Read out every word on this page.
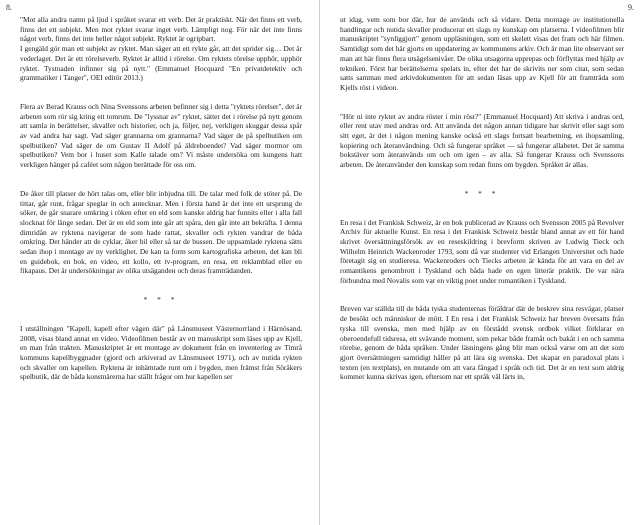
8.

"Mot alla andra namn på ljud i språket svarar ett verb. Det är praktiskt. När det finns ett verb, finns det ett subjekt. Men mot ryktet svarar inget verb. Lämpligt nog. För när det inte finns något verb, finns det inte heller något subjekt. Ryktet är ogripbart.

I gengäld gör man ett subjekt av ryktet. Man säger att ett rykte går, att det sprider sig… Det är vederlaget. Det är ett rörelseverb. Ryktet är alltid i rörelse. Om ryktets rörelse upphör, upphör ryktet. Tystnaden infinner sig på nytt." (Emmanuel Hocquard "En privatdetektiv och grammatiker i Tanger", OEI editör 2013.)

Flera av Berad Krauss och Nina Svenssons arbeten befinner sig i detta "ryktets rörelser", det är arbeten som rör sig kring ett tomrum. De "lyssnar av" ryktet, sätter det i rörelse på nytt genom att samla in berättelser, skvaller och historier, och ja, följer, nej, verkligen skuggar dessa spår av vad andra har sagt. Vad säger grannarna om grannarna? Vad säger de på spelbutiken om spelbutiken? Vad säger de om Gustav II Adolf på äldreboendet? Vad säger mormor om spelbutiken? Vem bor i huset som Kalle talade om? Vi måste undersöka om kungens hatt verkligen hänger på caféet som någon berättade för oss om.

De åker till platser de hört talas om, eller blir inbjudna till. De talar med folk de stöter på. De tittar, går runt, frågar speglar in och antecknar. Men i första hand är det inte ett ursprung de söker, de går snarare omkring i röken efter en eld som kanske aldrig har funnits eller i alla fall slocknat för länge sedan. Det är en eld som inte går att spåra, den går inte att bekräfta. I denna dimridån av ryktena navigerar de som hade rattat, skvaller och rykten vandrar de båda omkring. Det händer att de cyklar, åker bil eller så tar de bussen. De uppsamlade ryktena sätts sedan ihop i montage av ny verklighet. De kan ta form som kartografiska arbeten, det kan bli en guidebok, en bok, en video, ett kollo, ett tv-program, en resa, ett reklamblad eller en fikapaus. Det är undersökningar av olika utsägandeн och deras framträdanden.

* * *

I utställningen "Kapell, kapell efter vägen där" på Länsmuseet Västernorrland i Härnösand, 2008, visas bland annat en video. Videofilmen består av ett manuskript som läses upp av Kjell, en man från trakten. Manuskriptet är ett montage av dokument från en inventering av Timrå kommuns kapellbyggnader (gjord och arkiverad av Länsmuseet 1971), och av nutida rykten och skvaller om kapellen. Ryktena är inhämtade runt om i bygden, men främst från Söråkers spelbutik, där de båda konstnärerna har ställt frågor om hur kapellen ser

9.

ut idag, vem som bor där, hur de används och så vidare. Detta montage av institutionella handlingar och nutida skvaller producerar ett slags ny kunskap om platserna. I videofilmen blir manuskriptet "synliggjort" genom uppläsningen, som ett skelett visas det fram och här filmen. Samtidigt som det här gjorts en uppdatering av kommunens arkiv. Och är man lite observant ser man att här finns flera utsägelsenivåer. De olika utsagorna upprepas och förflyttas med hjälp av tekniken. Först har berättelserna spelats in, efter det har de skrivits ner som citat, som sedan satts samman med arkivdokumenten för att sedan läsas upp av Kjell för att framträda som Kjells röst i videon.

"Hör ni inte ryktet av andra röster i min röst?" (Emmanuel Hocquard) Att skriva i andras ord, eller rent utav med andras ord. Att använda det någon annan tidigare har skrivit eller sagt som sitt eget, är det i någon mening kanske också ett slags fortsatt bearbetning, en ihopsamling, kopiering och återanvändning. Och så fungerar språket — så fungerar allabetet. Det är samma bokstäver som återanvänds om och om igen – av alla. Så fungerar Krauss och Svenssons arbeten. De återanvänder den kunskap som redan finns om bygden. Språket är allas.

* * *

En resa i det Frankisk Schweiz, är en bok publicerad av Krauss och Svensson 2005 på Revolver Archiv für aktuelle Kunst. En resa i det Frankisk Schweiz består bland annat av ett för hand skrivet översättningsförsök av en reseskildring i brevform skriven av Ludwig Tieck och Wilhelm Heinrich Wackenroder 1793, som då var studenter vid Erlangen Universitet och hade företagit sig en studieresa. Wackenroders och Tiecks arbeten är kända för att vara en del av romantikens genombrott i Tyskland och båda hade en egen litterär praktik. De var nära förbundna med Novalis som var en viktig poet under romantiken i Tyskland.

Breven var ställda till de båda tyska studenternas föräldrar där de beskrev sina resvägar, platser de besökt och människor de mött. I En resa i det Frankisk Schweiz har breven översatts från tyska till svenska, men med hjälp av en förstådd svensk ordbok vilket förklarar en oberoendefull tidsresa, ett svävande moment, som pekar både framåt och bakåt i en och samma rörelse, genom de båda språken. Under läsningens gång blir man också varse om att det som gjort översättningen samtidigt håller på att lära sig svenska. Det skapar en paradoxal plats i texten (en textplats), en mutande om att vara fångad i språk och tid. Det är en text som aldrig kommer kunna skrivas igen, eftersom nar ett språk väl lärts in,
